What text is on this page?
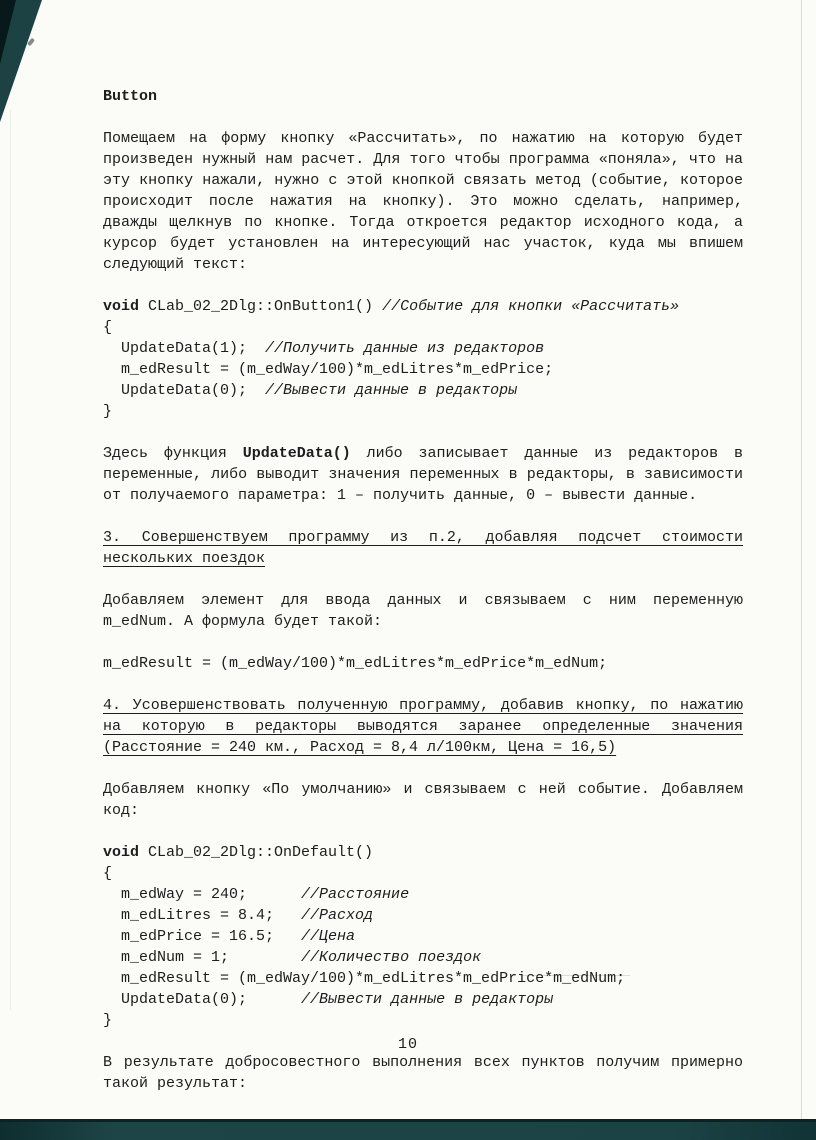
Button

Помещаем на форму кнопку «Рассчитать», по нажатию на которую будет произведен нужный нам расчет. Для того чтобы программа «поняла», что на эту кнопку нажали, нужно с этой кнопкой связать метод (событие, которое происходит после нажатия на кнопку). Это можно сделать, например, дважды щелкнув по кнопке. Тогда откроется редактор исходного кода, а курсор будет установлен на интересующий нас участок, куда мы впишем следующий текст:

void CLab_02_2Dlg::OnButton1() //Событие для кнопки «Рассчитать»
{
UpdateData(1);  //Получить данные из редакторов
m_edResult = (m_edWay/100)*m_edLitres*m_edPrice;
UpdateData(0);  //Вывести данные в редакторы
}

Здесь функция UpdateData() либо записывает данные из редакторов в переменные, либо выводит значения переменных в редакторы, в зависимости от получаемого параметра: 1 – получить данные, 0 – вывести данные.

3. Совершенствуем программу из п.2, добавляя подсчет стоимости нескольких поездок

Добавляем элемент для ввода данных и связываем с ним переменную m_edNum. А формула будет такой:

m_edResult = (m_edWay/100)*m_edLitres*m_edPrice*m_edNum;
4. Усовершенствовать полученную программу, добавив кнопку, по нажатию на которую в редакторы выводятся заранее определенные значения (Расстояние = 240 км., Расход = 8,4 л/100км, Цена = 16,5)

Добавляем кнопку «По умолчанию» и связываем с ней событие. Добавляем код:

void CLab_02_2Dlg::OnDefault()
{
m_edWay = 240;      //Расстояние
m_edLitres = 8.4;   //Расход
m_edPrice = 16.5;   //Цена
m_edNum = 1;        //Количество поездок
m_edResult = (m_edWay/100)*m_edLitres*m_edPrice*m_edNum;
UpdateData(0);      //Вывести данные в редакторы
}

В результате добросовестного выполнения всех пунктов получим примерно такой результат:

10
